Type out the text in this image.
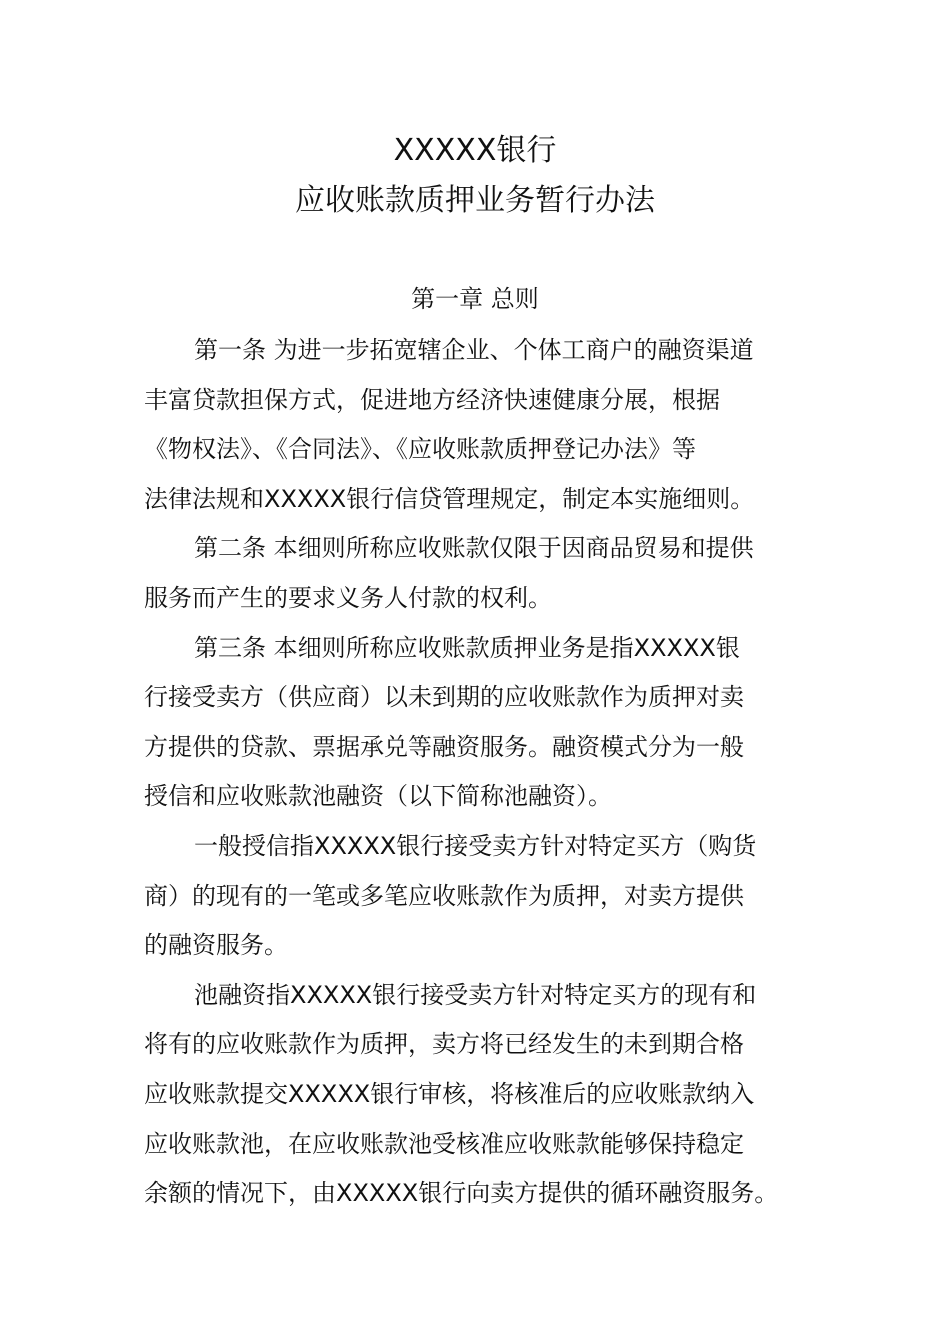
XXXXX银行
应收账款质押业务暂行办法
第一章 总则
第一条 为进一步拓宽辖企业、个体工商户的融资渠道
丰富贷款担保方式，促进地方经济快速健康分展，根据
《物权法》、《合同法》、《应收账款质押登记办法》等
法律法规和XXXXX银行信贷管理规定，制定本实施细则。
第二条 本细则所称应收账款仅限于因商品贸易和提供
服务而产生的要求义务人付款的权利。
第三条 本细则所称应收账款质押业务是指XXXXX银
行接受卖方（供应商）以未到期的应收账款作为质押对卖
方提供的贷款、票据承兑等融资服务。融资模式分为一般
授信和应收账款池融资（以下简称池融资）。
一般授信指XXXXX银行接受卖方针对特定买方（购货
商）的现有的一笔或多笔应收账款作为质押，对卖方提供
的融资服务。
池融资指XXXXX银行接受卖方针对特定买方的现有和
将有的应收账款作为质押，卖方将已经发生的未到期合格
应收账款提交XXXXX银行审核，将核准后的应收账款纳入
应收账款池，在应收账款池受核准应收账款能够保持稳定
余额的情况下，由XXXXX银行向卖方提供的循环融资服务。
